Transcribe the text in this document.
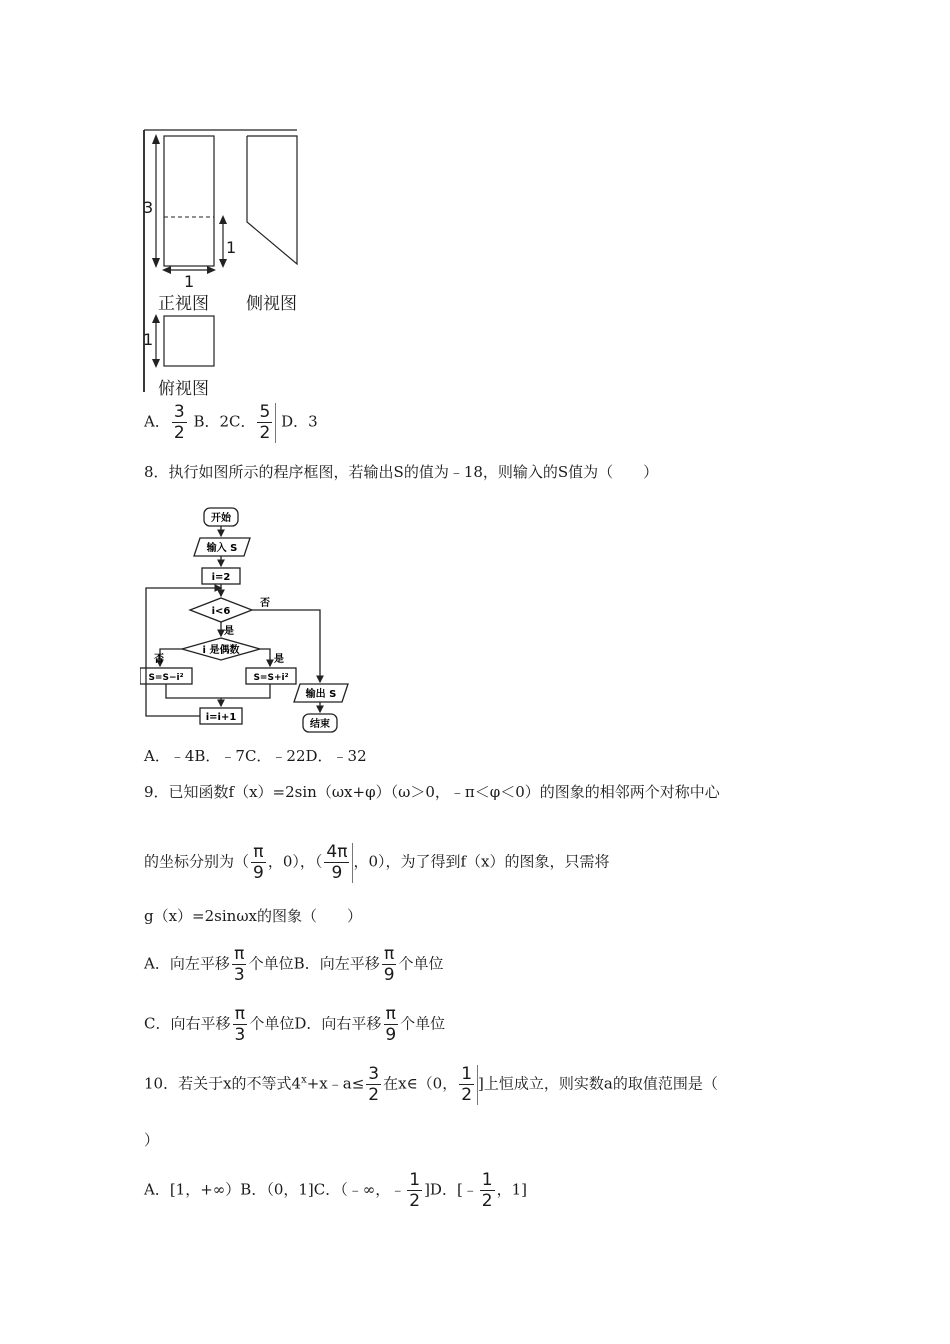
3
1
1
1
正视图 侧视图
俯视图
A． $\frac{3}{2}$ B．2C． $\frac{5}{2}$ D．3
8．执行如图所示的程序框图，若输出S的值为﹣18，则输入的S值为（　　）
开始
输入 S
i=2
i<6
否
是
i 是偶数
否	是
S=S−i²	S=S+i²
i=i+1
输出 S
结束
A．﹣4B．﹣7C．﹣22D．﹣32
9．已知函数f（x）=2sin（ωx+φ）（ω＞0，﹣π＜φ＜0）的图象的相邻两个对称中心
的坐标分别为（ $\frac{\pi}{9}$ ，0），（ $\frac{4\pi}{9}$ ，0），为了得到f（x）的图象，只需将
g（x）=2sinωx的图象（　　）
A．向左平移 $\frac{\pi}{3}$ 个单位B．向左平移 $\frac{\pi}{9}$ 个单位
C．向右平移 $\frac{\pi}{3}$ 个单位D．向右平移 $\frac{\pi}{9}$ 个单位
10．若关于x的不等式$4^x+x﹣a\le \frac{3}{2}$ 在x∈（0， $\frac{1}{2}$ ]上恒成立，则实数a的取值范围是（
）
A．[1，+∞）B．（0，1]C．（﹣∞，﹣ $\frac{1}{2} ]D$．[﹣ $\frac{1}{2}$ ，1]
